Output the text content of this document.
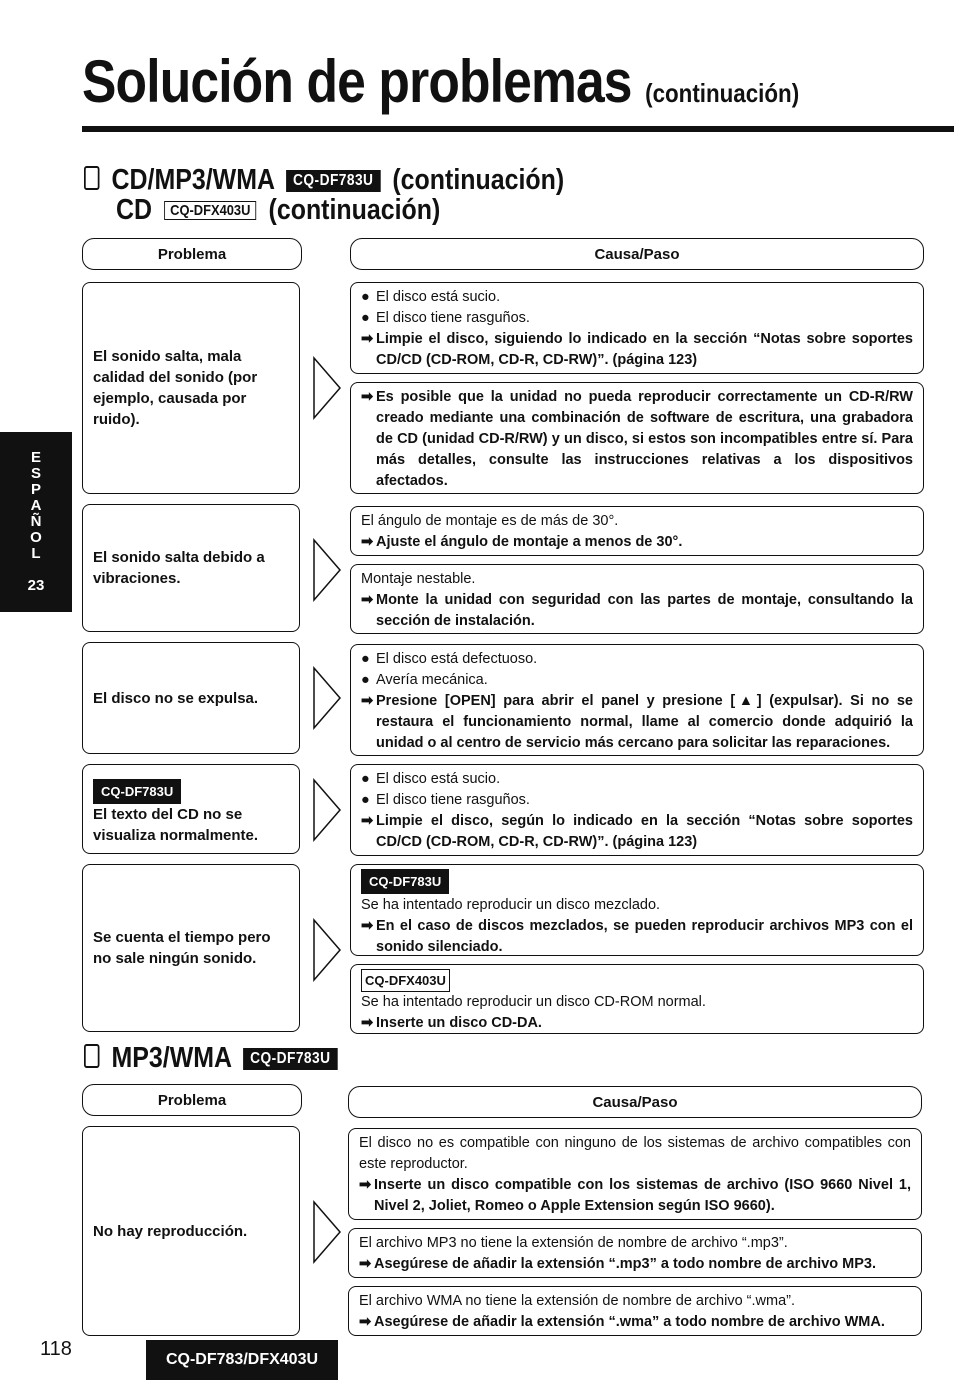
Solución de problemas (continuación)
CD/MP3/WMA CQ-DF783U (continuación)
CD CQ-DFX403U (continuación)
Problema	Causa/Paso
El sonido salta, mala calidad del sonido (por ejemplo, causada por ruido).
● El disco está sucio.
● El disco tiene rasguños.
➡ Limpie el disco, siguiendo lo indicado en la sección “Notas sobre soportes CD/CD (CD-ROM, CD-R, CD-RW)”. (página 123)
➡ Es posible que la unidad no pueda reproducir correctamente un CD-R/RW creado mediante una combinación de software de escritura, una grabadora de CD (unidad CD-R/RW) y un disco, si estos son incompatibles entre sí. Para más detalles, consulte las instrucciones relativas a los dispositivos afectados.
El sonido salta debido a vibraciones.
El ángulo de montaje es de más de 30°.
➡ Ajuste el ángulo de montaje a menos de 30°.
Montaje nestable.
➡ Monte la unidad con seguridad con las partes de montaje, consultando la sección de instalación.
El disco no se expulsa.
● El disco está defectuoso.
● Avería mecánica.
➡ Presione [OPEN] para abrir el panel y presione [▲] (expulsar). Si no se restaura el funcionamiento normal, llame al comercio donde adquirió la unidad o al centro de servicio más cercano para solicitar las reparaciones.
CQ-DF783U
El texto del CD no se visualiza normalmente.
● El disco está sucio.
● El disco tiene rasguños.
➡ Limpie el disco, según lo indicado en la sección “Notas sobre soportes CD/CD (CD-ROM, CD-R, CD-RW)”. (página 123)
Se cuenta el tiempo pero no sale ningún sonido.
CQ-DF783U
Se ha intentado reproducir un disco mezclado.
➡ En el caso de discos mezclados, se pueden reproducir archivos MP3 con el sonido silenciado.
CQ-DFX403U
Se ha intentado reproducir un disco CD-ROM normal.
➡ Inserte un disco CD-DA.
MP3/WMA CQ-DF783U
Problema	Causa/Paso
No hay reproducción.
El disco no es compatible con ninguno de los sistemas de archivo compatibles con este reproductor.
➡ Inserte un disco compatible con los sistemas de archivo (ISO 9660 Nivel 1, Nivel 2, Joliet, Romeo o Apple Extension según ISO 9660).
El archivo MP3 no tiene la extensión de nombre de archivo “.mp3”.
➡ Asegúrese de añadir la extensión “.mp3” a todo nombre de archivo MP3.
El archivo WMA no tiene la extensión de nombre de archivo “.wma”.
➡ Asegúrese de añadir la extensión “.wma” a todo nombre de archivo WMA.
E
S
P
A
Ñ
O
L
23
118	CQ-DF783/DFX403U
